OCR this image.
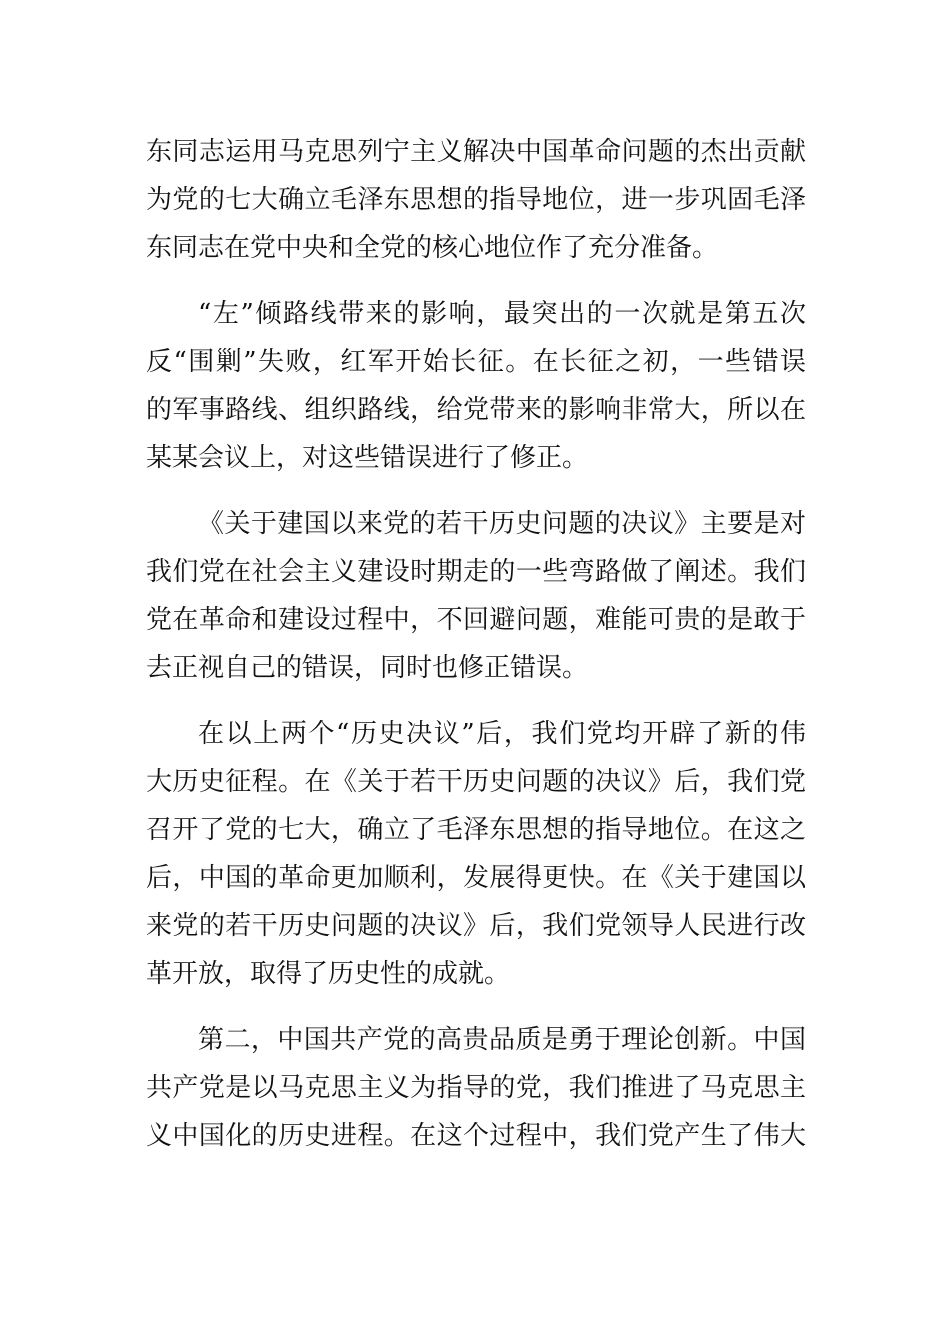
东同志运用马克思列宁主义解决中国革命问题的杰出贡献
为党的七大确立毛泽东思想的指导地位，进一步巩固毛泽
东同志在党中央和全党的核心地位作了充分准备。
“左”倾路线带来的影响，最突出的一次就是第五次
反“围剿”失败，红军开始长征。在长征之初，一些错误
的军事路线、组织路线，给党带来的影响非常大，所以在
某某会议上，对这些错误进行了修正。
《关于建国以来党的若干历史问题的决议》主要是对
我们党在社会主义建设时期走的一些弯路做了阐述。我们
党在革命和建设过程中，不回避问题，难能可贵的是敢于
去正视自己的错误，同时也修正错误。
在以上两个“历史决议”后，我们党均开辟了新的伟
大历史征程。在《关于若干历史问题的决议》后，我们党
召开了党的七大，确立了毛泽东思想的指导地位。在这之
后，中国的革命更加顺利，发展得更快。在《关于建国以
来党的若干历史问题的决议》后，我们党领导人民进行改
革开放，取得了历史性的成就。
第二，中国共产党的高贵品质是勇于理论创新。中国
共产党是以马克思主义为指导的党，我们推进了马克思主
义中国化的历史进程。在这个过程中，我们党产生了伟大
